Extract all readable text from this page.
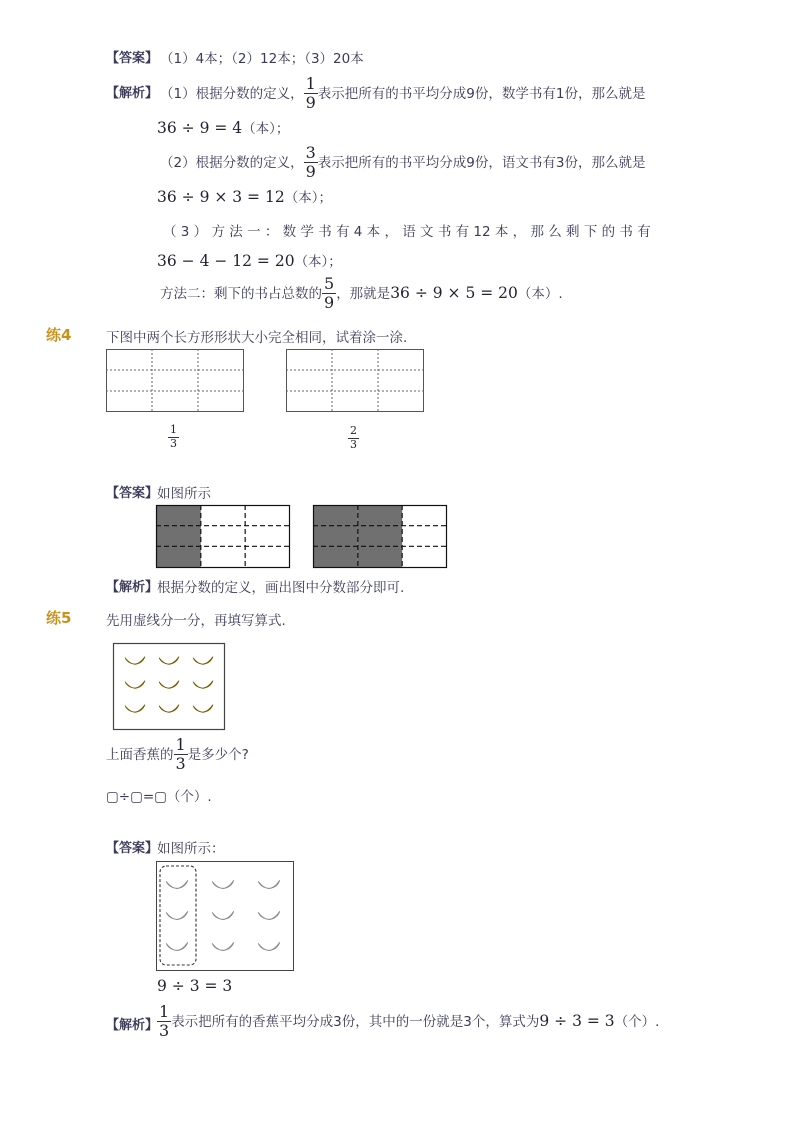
【答案】 （1）4本；（2）12本；（3）20本
【解析】 （1）根据分数的定义， $\frac{1}{9}$ 表示把所有的书平均分成9份，数学书有1份，那么就是
36 ÷ 9 = 4（本）；
（2）根据分数的定义， $\frac{3}{9}$ 表示把所有的书平均分成9份，语文书有3份，那么就是
36 ÷ 9 × 3 = 12（本）；
（ 3 ） 方 法 一 ： 数 学 书 有 4 本 ， 语 文 书 有 12 本 ， 那 么 剩 下 的 书 有
36 − 4 − 12 = 20（本）；
方法二：剩下的书占总数的 $\frac{5}{9}$ ，那就是36 ÷ 9 × 5 = 20（本）.
练4	下图中两个长方形形状大小完全相同，试着涂一涂.
$\frac{1}{3}$	$\frac{2}{3}$
【答案】
如图所示
【解析】
根据分数的定义，画出图中分数部分即可.
练5	先用虚线分一分，再填写算式.
上面香蕉的 $\frac{1}{3}$ 是多少个?
▢÷▢=▢（个）.
【答案】
如图所示：
9 ÷ 3 = 3
【解析】
$\frac{1}{3}$ 表示把所有的香蕉平均分成3份，其中的一份就是3个，算式为9 ÷ 3 = 3（个）.
